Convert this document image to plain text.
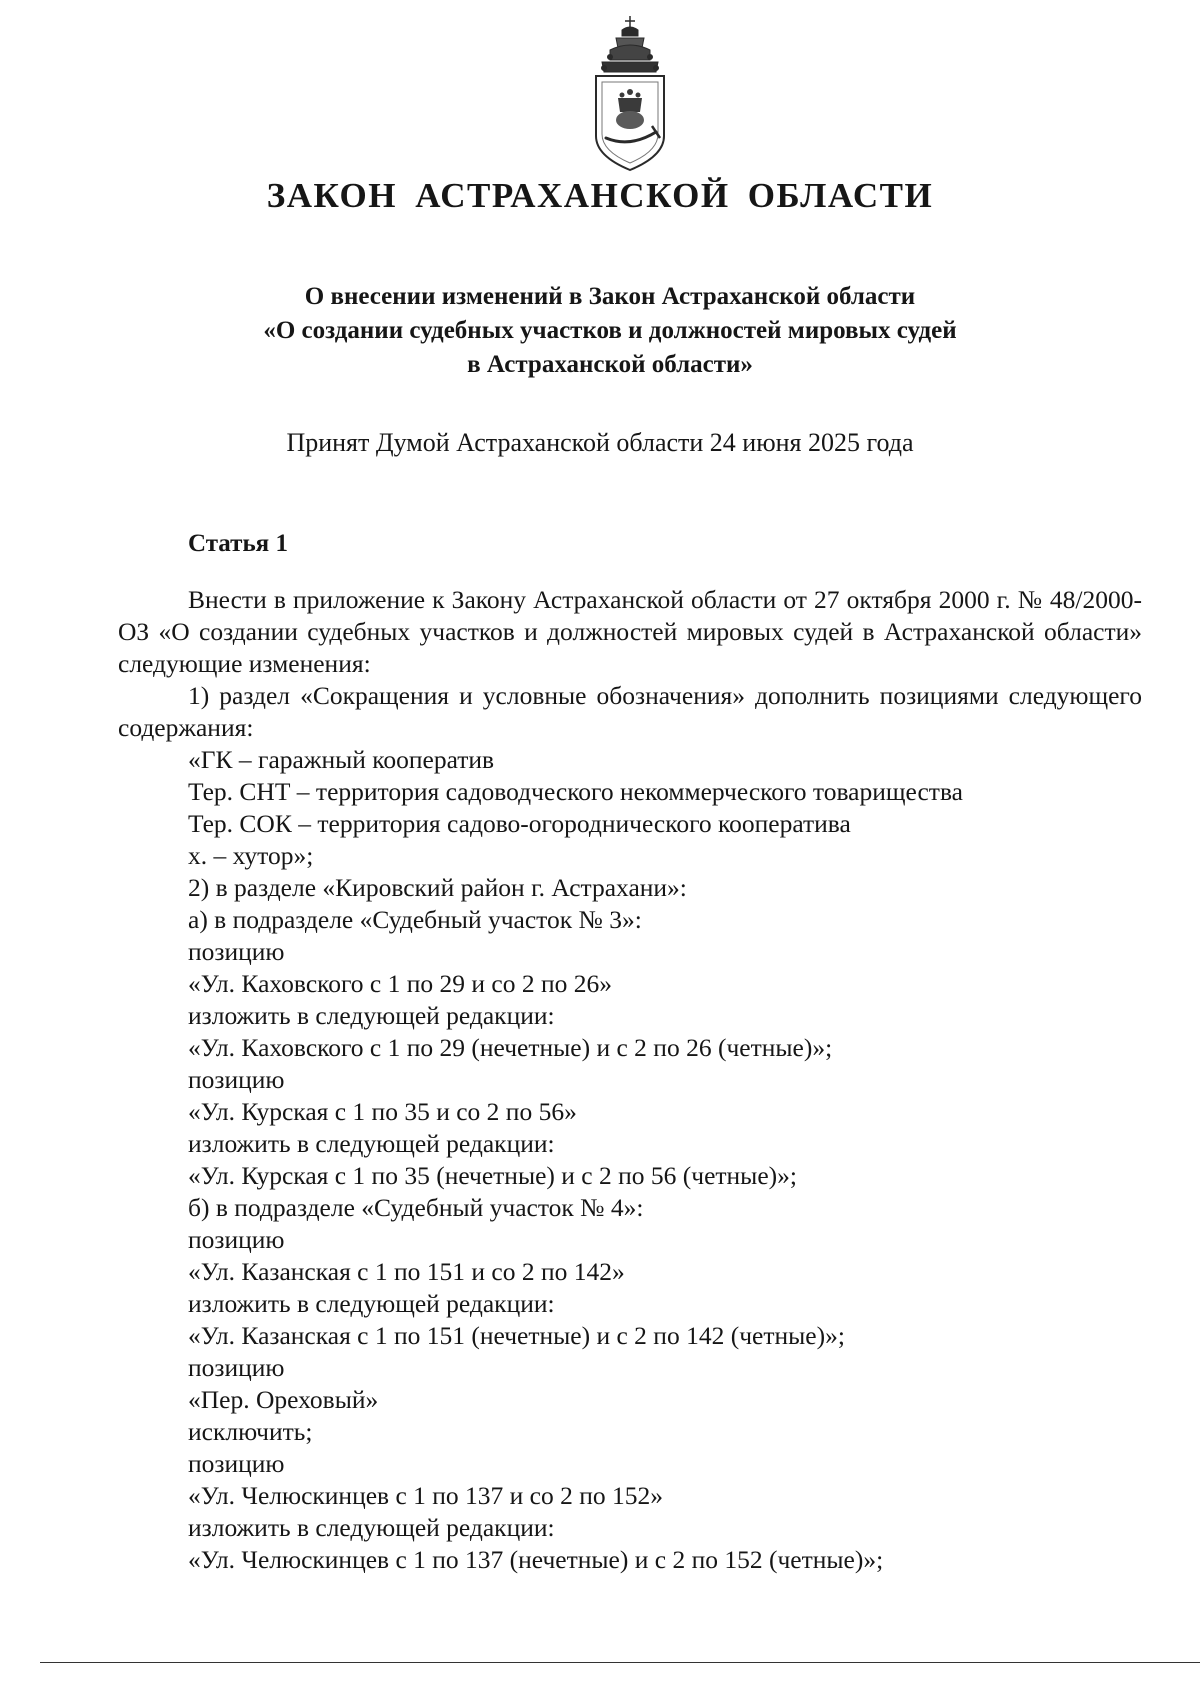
ЗАКОН АСТРАХАНСКОЙ ОБЛАСТИ
О внесении изменений в Закон Астраханской области
«О создании судебных участков и должностей мировых судей
в Астраханской области»
Принят Думой Астраханской области 24 июня 2025 года
Статья 1

Внести в приложение к Закону Астраханской области от 27 октября 2000 г. № 48/2000-ОЗ «О создании судебных участков и должностей мировых судей в Астраханской области» следующие изменения:

1) раздел «Сокращения и условные обозначения» дополнить позициями следующего содержания:

«ГК – гаражный кооператив
Тер. СНТ – территория садоводческого некоммерческого товарищества
Тер. СОК – территория садово-огороднического кооператива
х. – хутор»;
2) в разделе «Кировский район г. Астрахани»:
а) в подразделе «Судебный участок № 3»:
позицию
«Ул. Каховского с 1 по 29 и со 2 по 26»
изложить в следующей редакции:
«Ул. Каховского с 1 по 29 (нечетные) и с 2 по 26 (четные)»;
позицию
«Ул. Курская с 1 по 35 и со 2 по 56»
изложить в следующей редакции:
«Ул. Курская с 1 по 35 (нечетные) и с 2 по 56 (четные)»;
б) в подразделе «Судебный участок № 4»:
позицию
«Ул. Казанская с 1 по 151 и со 2 по 142»
изложить в следующей редакции:
«Ул. Казанская с 1 по 151 (нечетные) и с 2 по 142 (четные)»;
позицию
«Пер. Ореховый»
исключить;
позицию
«Ул. Челюскинцев с 1 по 137 и со 2 по 152»
изложить в следующей редакции:
«Ул. Челюскинцев с 1 по 137 (нечетные) и с 2 по 152 (четные)»;
